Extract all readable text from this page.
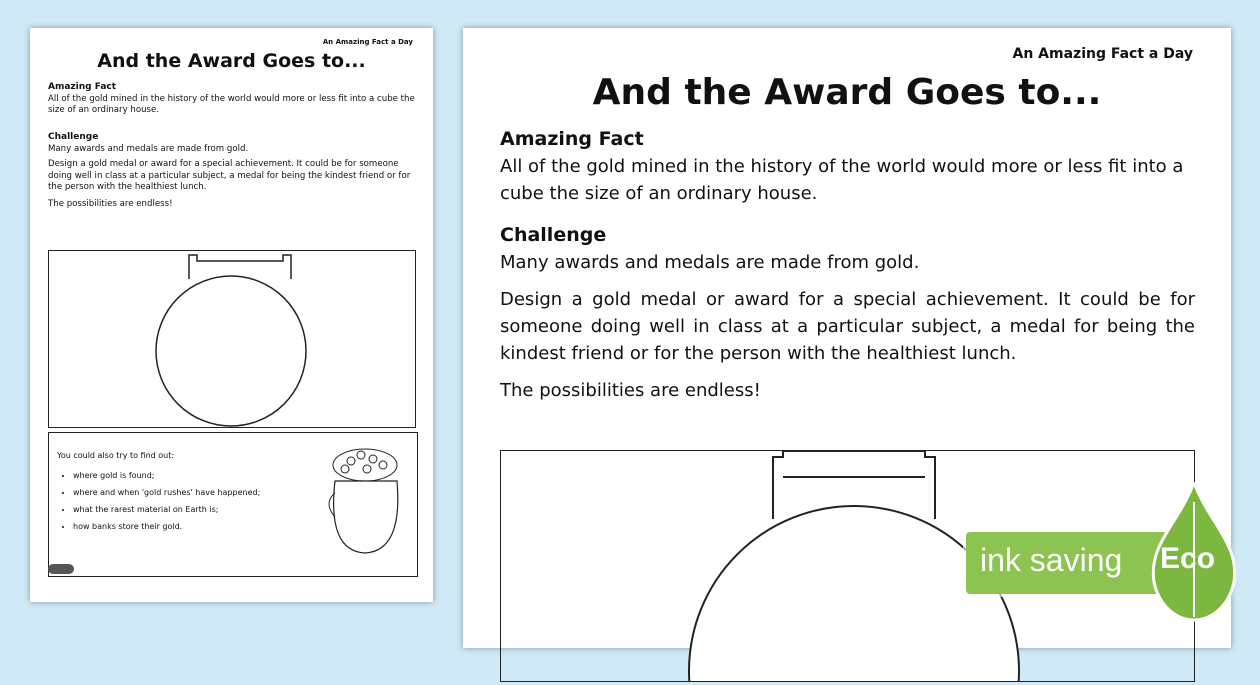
An Amazing Fact a Day
And the Award Goes to...

Amazing Fact

All of the gold mined in the history of the world would more or less fit into a cube the size of an ordinary house.

Challenge

Many awards and medals are made from gold.

Design a gold medal or award for a special achievement. It could be for someone doing well in class at a particular subject, a medal for being the kindest friend or for the person with the healthiest lunch.

The possibilities are endless!

You could also try to find out:
• where gold is found;
• where and when 'gold rushes' have happened;
• what the rarest material on Earth is;
• how banks store their gold.
An Amazing Fact a Day
And the Award Goes to...

Amazing Fact

All of the gold mined in the history of the world would more or less fit into a cube the size of an ordinary house.

Challenge

Many awards and medals are made from gold.

Design a gold medal or award for a special achievement. It could be for someone doing well in class at a particular subject, a medal for being the kindest friend or for the person with the healthiest lunch.

The possibilities are endless!

ink saving Eco
